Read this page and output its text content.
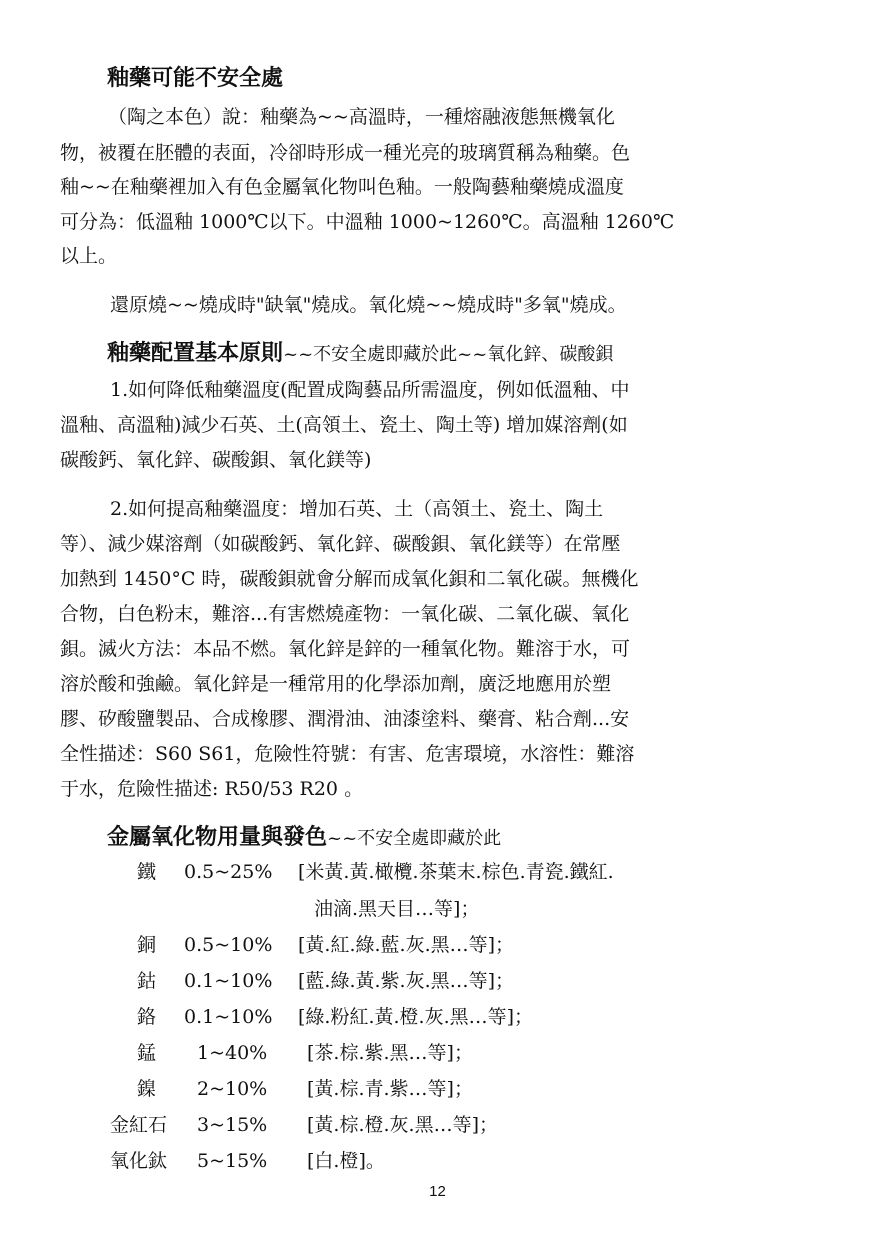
釉藥可能不安全處
（陶之本色）說：釉藥為~~高溫時，一種熔融液態無機氧化
物，被覆在胚體的表面，冷卻時形成一種光亮的玻璃質稱為釉藥。色
釉~~在釉藥裡加入有色金屬氧化物叫色釉。一般陶藝釉藥燒成溫度
可分為：低溫釉 1000℃以下。中溫釉 1000~1260℃。高溫釉 1260℃
以上。
還原燒~~燒成時"缺氧"燒成。氧化燒~~燒成時"多氧"燒成。
釉藥配置基本原則~~不安全處即藏於此~~氧化鋅、碳酸鋇
1.如何降低釉藥溫度(配置成陶藝品所需溫度，例如低溫釉、中
溫釉、高溫釉)減少石英、土(高領土、瓷土、陶土等) 增加媒溶劑(如
碳酸鈣、氧化鋅、碳酸鋇、氧化鎂等)
2.如何提高釉藥溫度：增加石英、土（高領土、瓷土、陶土
等）、減少媒溶劑（如碳酸鈣、氧化鋅、碳酸鋇、氧化鎂等）在常壓
加熱到 1450°C 時，碳酸鋇就會分解而成氧化鋇和二氧化碳。無機化
合物，白色粉末，難溶...有害燃燒產物：一氧化碳、二氧化碳、氧化
鋇。滅火方法：本品不燃。氧化鋅是鋅的一種氧化物。難溶于水，可
溶於酸和強鹼。氧化鋅是一種常用的化學添加劑，廣泛地應用於塑
膠、矽酸鹽製品、合成橡膠、潤滑油、油漆塗料、藥膏、粘合劑...安
全性描述：S60 S61，危險性符號：有害、危害環境，水溶性：難溶
于水，危險性描述: R50/53 R20 。
金屬氧化物用量與發色~~不安全處即藏於此
鐵 0.5~25% [米黃.黃.橄欖.茶葉末.棕色.青瓷.鐵紅.
油滴.黑天目…等]；
銅 0.5~10% [黃.紅.綠.藍.灰.黑…等]；
鈷 0.1~10% [藍.綠.黃.紫.灰.黑…等]；
鉻 0.1~10% [綠.粉紅.黃.橙.灰.黑…等]；
錳 1~40% [茶.棕.紫.黑…等]；
鎳 2~10% [黃.棕.青.紫…等]；
金紅石 3~15% [黃.棕.橙.灰.黑…等]；
氧化鈦 5~15% [白.橙]。
12
